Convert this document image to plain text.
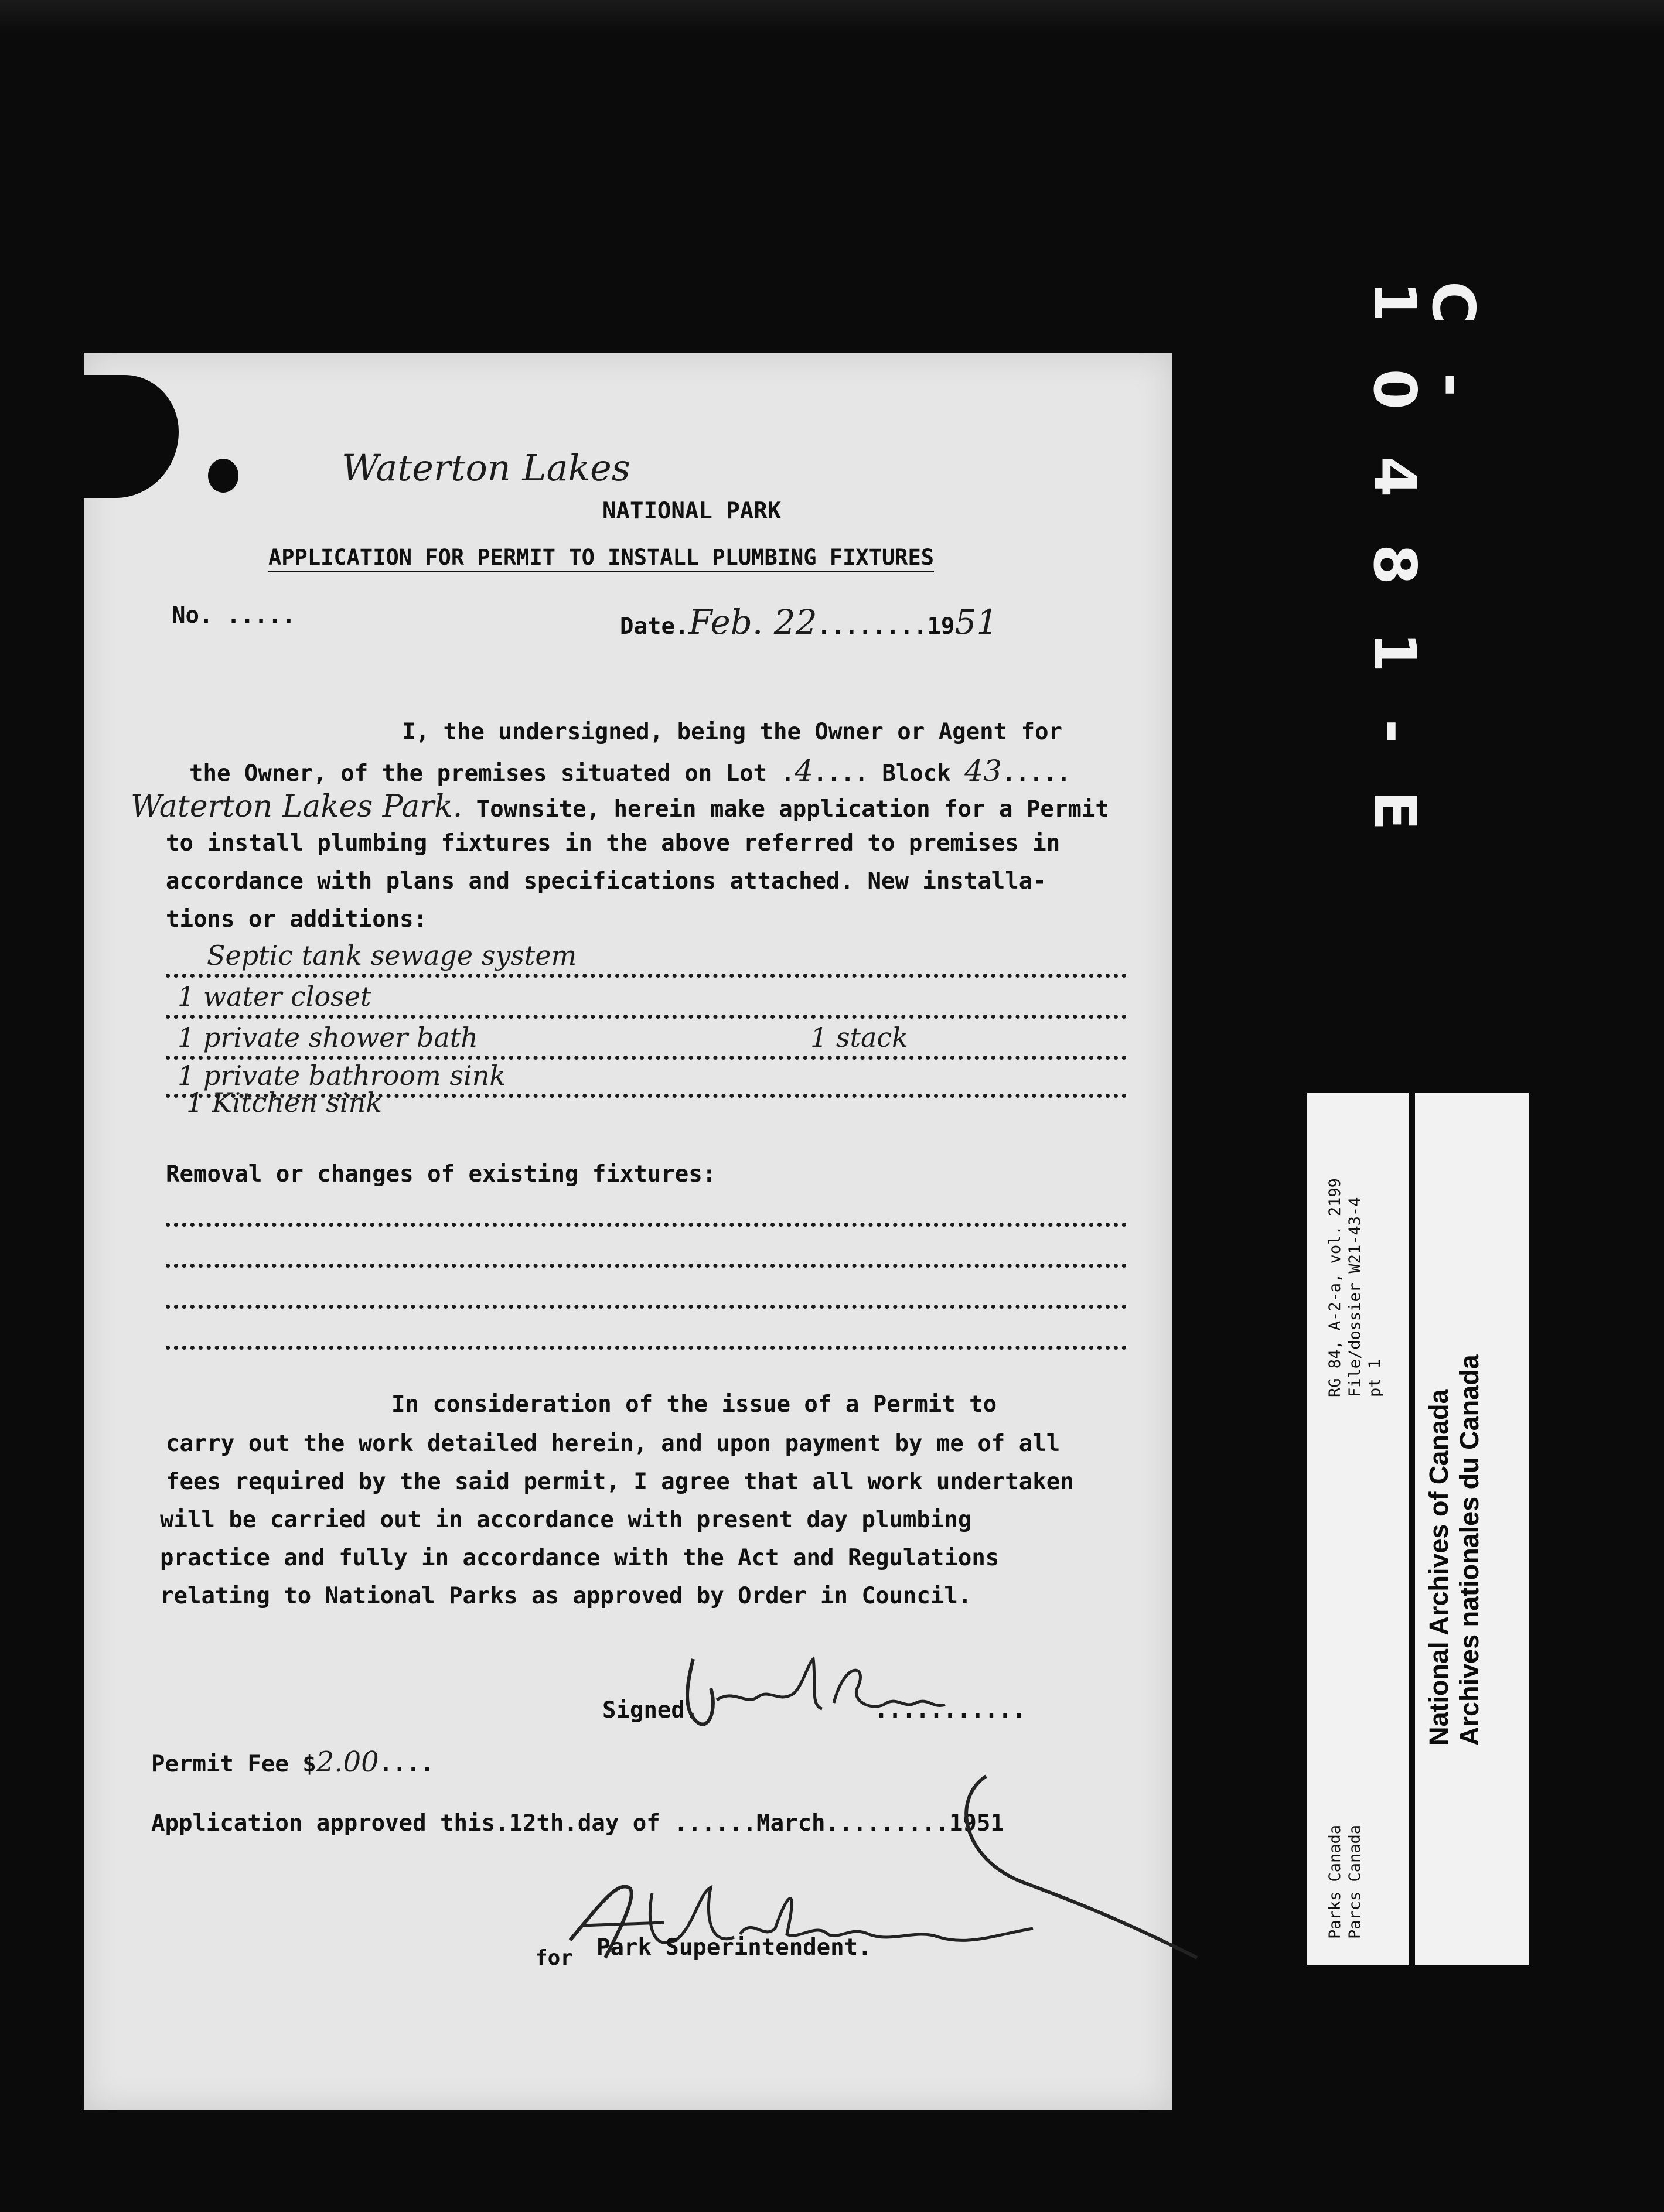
C-10481-E
Waterton Lakes
NATIONAL PARK
APPLICATION FOR PERMIT TO INSTALL PLUMBING FIXTURES
No. .....	Date.Feb. 22........1951
I, the undersigned, being the Owner or Agent for
the Owner, of the premises situated on Lot .4.... Block 43.....
Waterton Lakes Park. Townsite, herein make application for a Permit
to install plumbing fixtures in the above referred to premises in
accordance with plans and specifications attached. New installa-
tions or additions:
Septic tank sewage system
1 water closet
1 private shower bath	1 stack
1 private bathroom sink
1 Kitchen sink
Removal or changes of existing fixtures:
In consideration of the issue of a Permit to
carry out the work detailed herein, and upon payment by me of all
fees required by the said permit, I agree that all work undertaken
will be carried out in accordance with present day plumbing
practice and fully in accordance with the Act and Regulations
relating to National Parks as approved by Order in Council.
Signed.	...........
Permit Fee $2.00....
Application approved this.12th.day of ......March.........1951
for Park Superintendent.
RG 84, A-2-a, vol. 2199 File/dossier W21-43-4 pt 1
Parks Canada Parcs Canada
National Archives of Canada Archives nationales du Canada
